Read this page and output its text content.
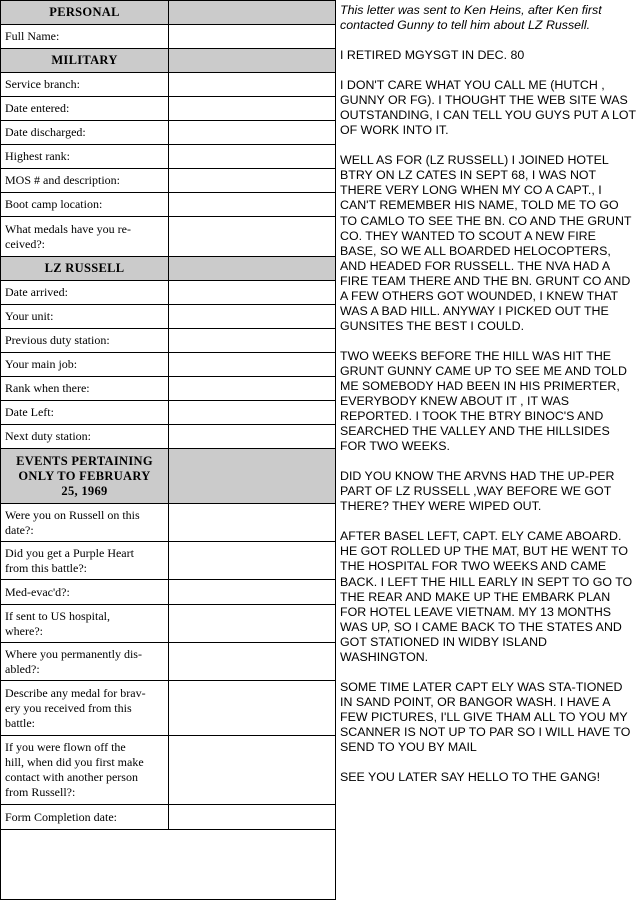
PERSONAL
Full Name:
MILITARY
Service branch:
Date entered:
Date discharged:
Highest rank:
MOS # and description:
Boot camp location:
What medals have you re-
ceived?:
LZ RUSSELL
Date arrived:
Your unit:
Previous duty station:
Your main job:
Rank when there:
Date Left:
Next duty station:
EVENTS PERTAINING
ONLY TO FEBRUARY
25, 1969
Were you on Russell on this
date?:
Did you get a Purple Heart
from this battle?:
Med-evac'd?:
If sent to US hospital,
where?:
Where you permanently dis-
abled?:
Describe any medal for brav-
ery you received from this
battle:
If you were flown off the
hill, when did you first make
contact with another person
from Russell?:
Form Completion date:

This letter was sent to Ken Heins, after Ken first contacted Gunny to tell him about LZ Russell.

I RETIRED MGYSGT IN DEC. 80

I DON'T CARE WHAT YOU CALL ME (HUTCH , GUNNY OR FG). I THOUGHT THE WEB SITE WAS OUTSTANDING, I CAN TELL YOU GUYS PUT A LOT OF WORK INTO IT.

WELL AS FOR (LZ RUSSELL) I JOINED HOTEL BTRY ON LZ CATES IN SEPT 68, I WAS NOT THERE VERY LONG WHEN MY CO A CAPT., I CAN'T REMEMBER HIS NAME, TOLD ME TO GO TO CAMLO TO SEE THE BN. CO AND THE GRUNT CO. THEY WANTED TO SCOUT A NEW FIRE
BASE, SO WE ALL BOARDED HELOCOPTERS, AND HEADED FOR RUSSELL. THE NVA HAD A FIRE TEAM THERE AND THE BN. GRUNT CO AND A FEW OTHERS GOT WOUNDED, I KNEW THAT WAS A BAD HILL. ANYWAY I PICKED OUT THE GUNSITES THE BEST I COULD.

TWO WEEKS BEFORE THE HILL WAS HIT THE GRUNT GUNNY CAME UP TO SEE ME AND TOLD
ME SOMEBODY HAD BEEN IN HIS PRIMERTER, EVERYBODY KNEW ABOUT IT , IT WAS
REPORTED. I TOOK THE BTRY BINOC'S AND SEARCHED THE VALLEY AND THE HILLSIDES FOR TWO WEEKS.

DID YOU KNOW THE ARVNS HAD THE UP-PER PART OF LZ RUSSELL ,WAY BEFORE WE GOT
THERE? THEY WERE WIPED OUT.

AFTER BASEL LEFT, CAPT. ELY CAME ABOARD. HE GOT ROLLED UP THE MAT, BUT HE WENT TO THE HOSPITAL FOR TWO WEEKS AND CAME BACK. I LEFT THE HILL EARLY IN SEPT TO GO TO THE REAR AND MAKE UP THE EMBARK PLAN FOR HOTEL LEAVE VIETNAM. MY 13 MONTHS WAS UP, SO I CAME BACK TO THE STATES AND GOT STATIONED IN WIDBY ISLAND WASHINGTON.

SOME TIME LATER CAPT ELY WAS STA-TIONED IN SAND POINT, OR BANGOR WASH. I HAVE A FEW PICTURES, I'LL GIVE THAM ALL TO YOU MY SCANNER IS NOT UP TO PAR SO I WILL HAVE TO SEND TO YOU BY MAIL

SEE YOU LATER SAY HELLO TO THE GANG!
